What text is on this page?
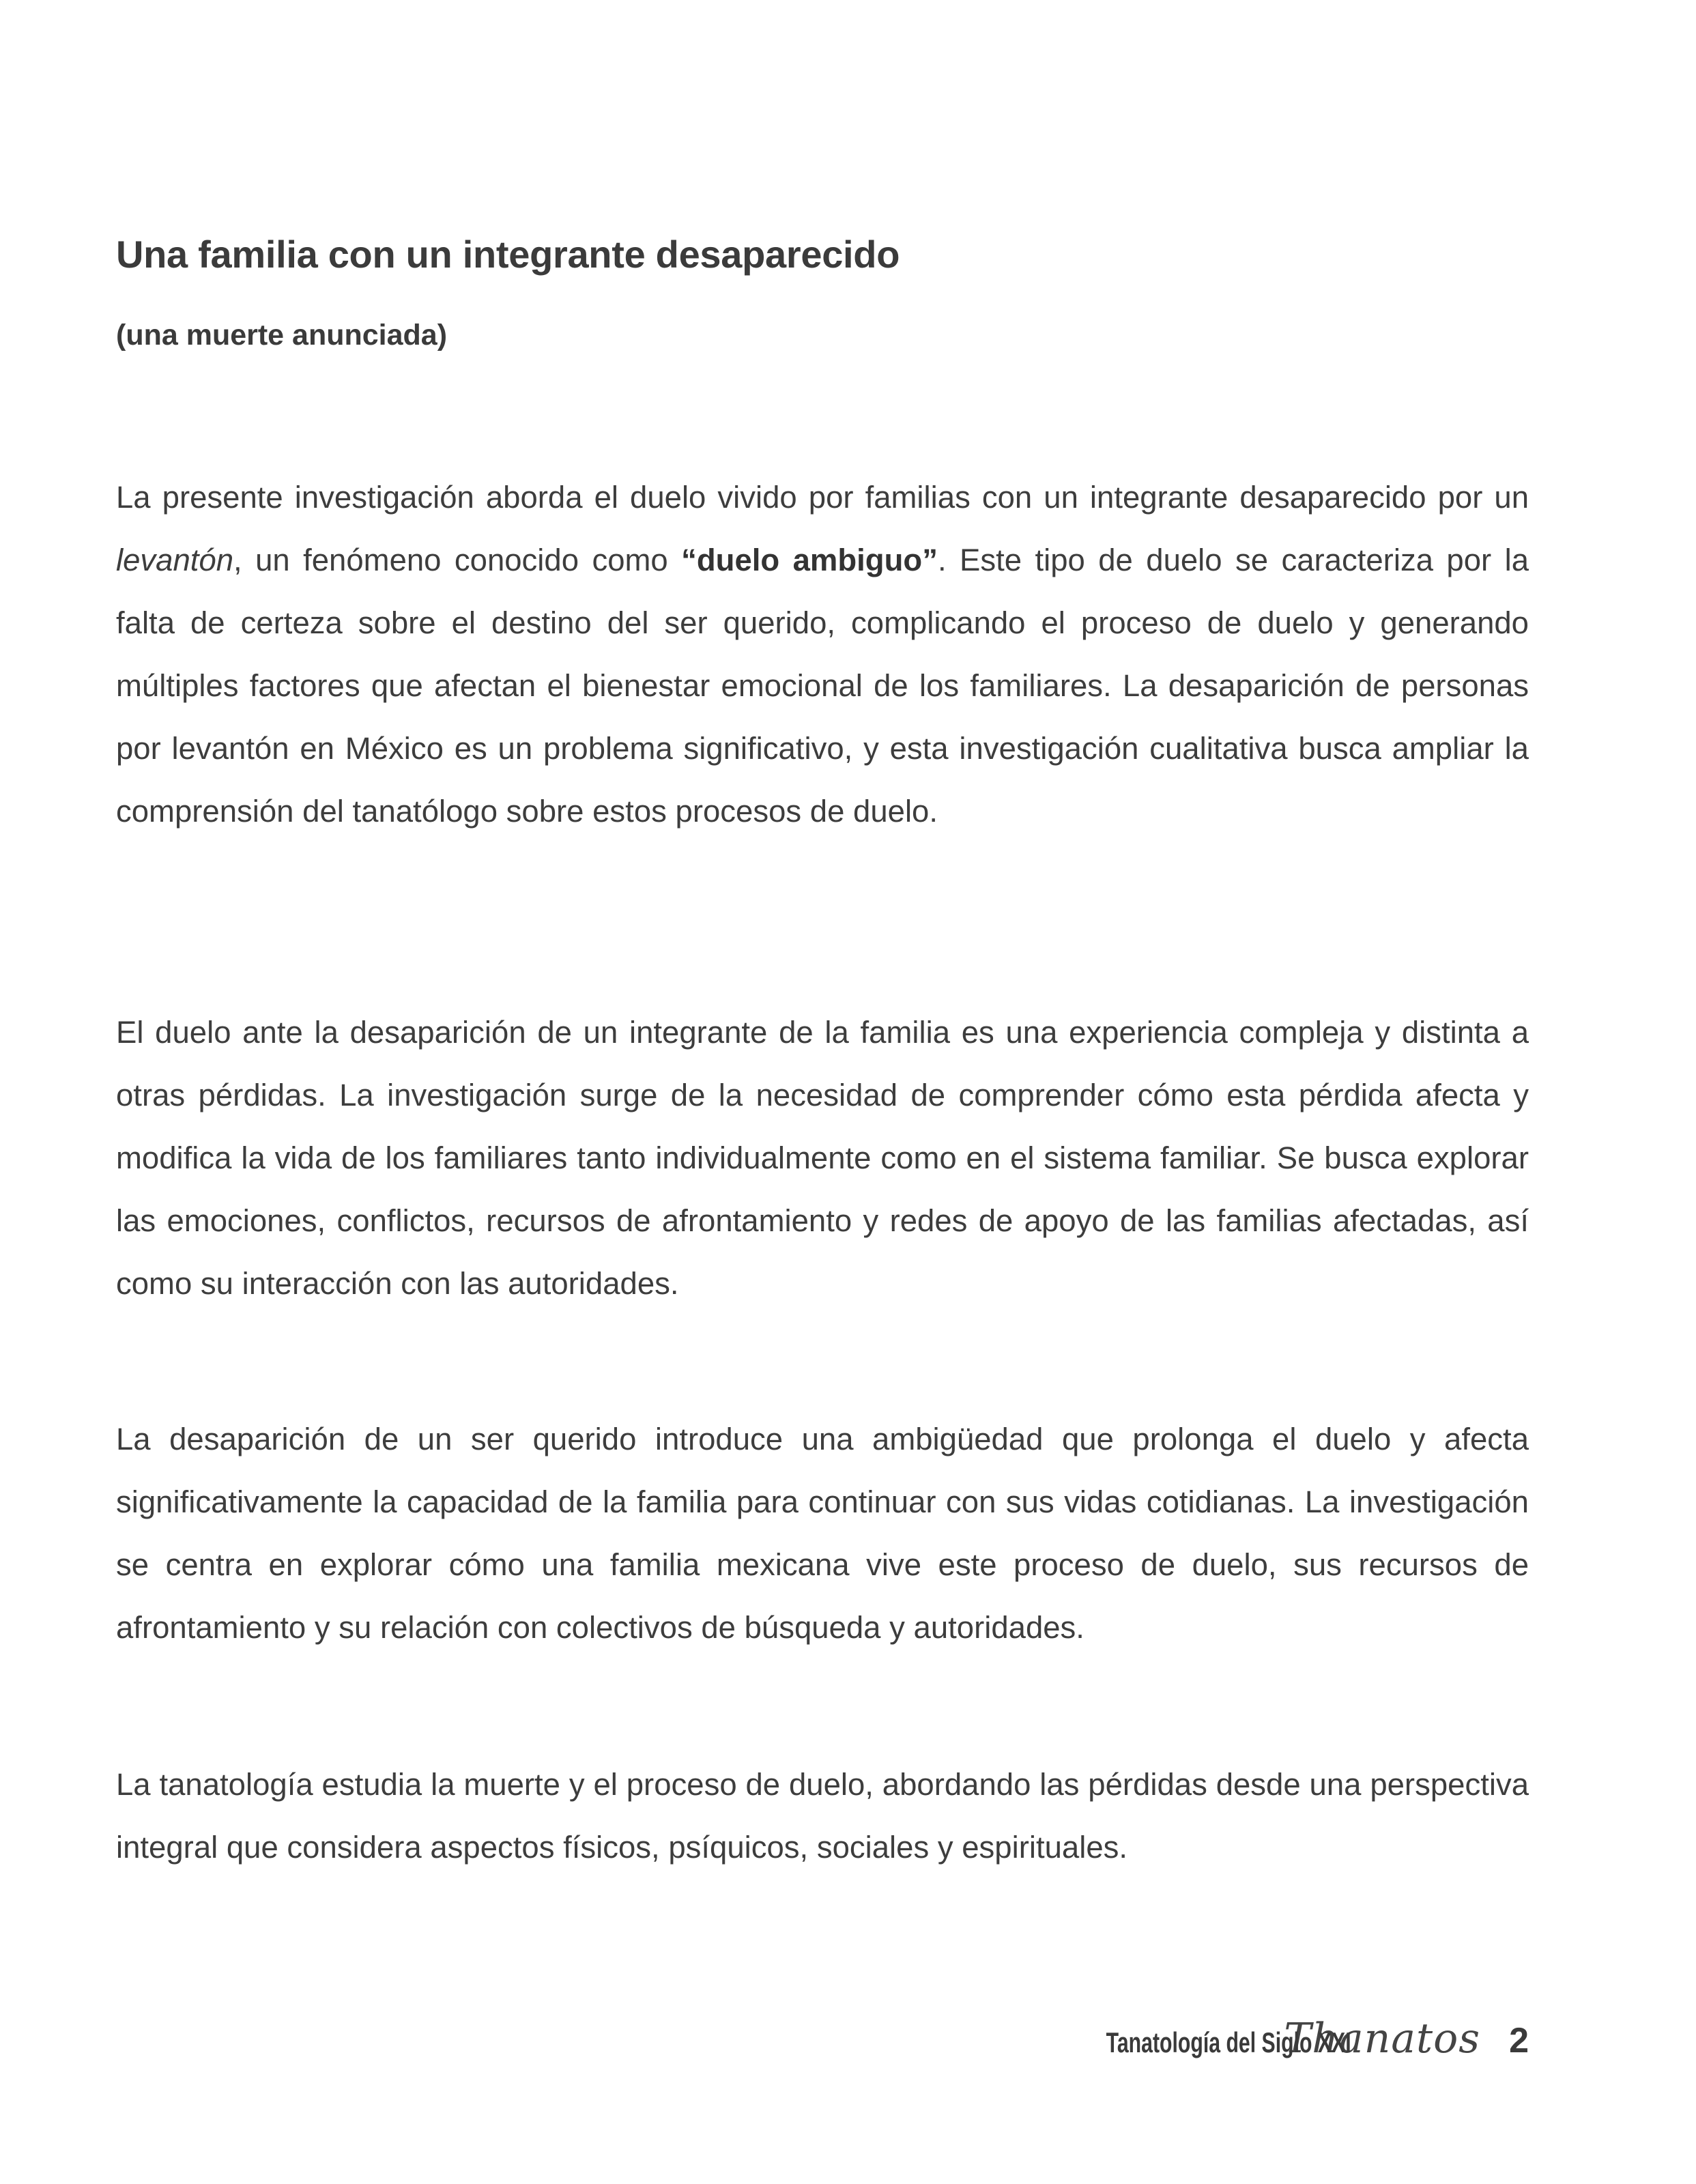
Una familia con un integrante desaparecido
(una muerte anunciada)

La presente investigación aborda el duelo vivido por familias con un integrante desaparecido por un levantón, un fenómeno conocido como “duelo ambiguo”. Este tipo de duelo se caracteriza por la falta de certeza sobre el destino del ser querido, complicando el proceso de duelo y generando múltiples factores que afectan el bienestar emocional de los familiares. La desaparición de personas por levantón en México es un problema significativo, y esta investigación cualitativa busca ampliar la comprensión del tanatólogo sobre estos procesos de duelo.

El duelo ante la desaparición de un integrante de la familia es una experiencia compleja y distinta a otras pérdidas. La investigación surge de la necesidad de comprender cómo esta pérdida afecta y modifica la vida de los familiares tanto individualmente como en el sistema familiar. Se busca explorar las emociones, conflictos, recursos de afrontamiento y redes de apoyo de las familias afectadas, así como su interacción con las autoridades.

La desaparición de un ser querido introduce una ambigüedad que prolonga el duelo y afecta significativamente la capacidad de la familia para continuar con sus vidas cotidianas. La investigación se centra en explorar cómo una familia mexicana vive este proceso de duelo, sus recursos de afrontamiento y su relación con colectivos de búsqueda y autoridades.

La tanatología estudia la muerte y el proceso de duelo, abordando las pérdidas desde una perspectiva integral que considera aspectos físicos, psíquicos, sociales y espirituales.

Tanatología del Siglo XXI
Thanatos 2
